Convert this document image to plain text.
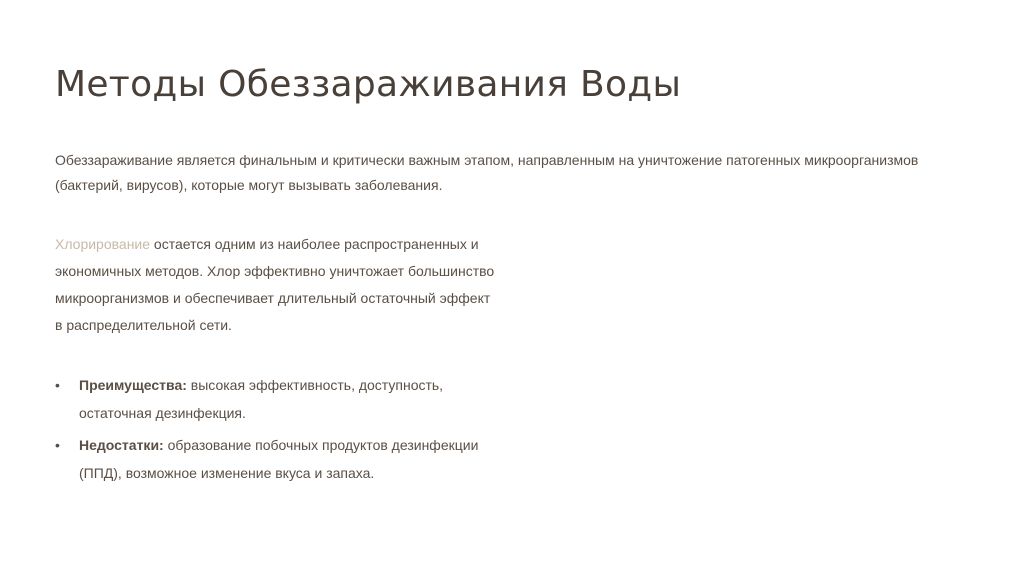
Методы Обеззараживания Воды

Обеззараживание является финальным и критически важным этапом, направленным на уничтожение патогенных микроорганизмов (бактерий, вирусов), которые могут вызывать заболевания.

Хлорирование остается одним из наиболее распространенных и экономичных методов. Хлор эффективно уничтожает большинство микроорганизмов и обеспечивает длительный остаточный эффект в распределительной сети.

• Преимущества: высокая эффективность, доступность, остаточная дезинфекция.
• Недостатки: образование побочных продуктов дезинфекции (ППД), возможное изменение вкуса и запаха.
